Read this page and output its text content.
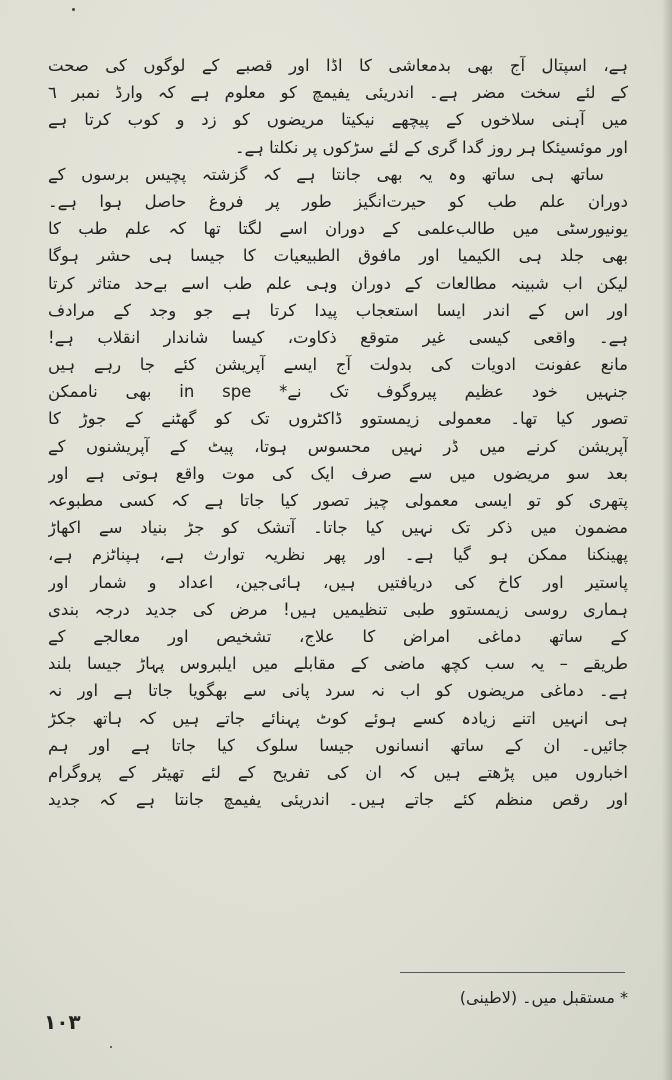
ہے، اسپتال آج بھی بدمعاشی کا اڈا اور قصبے کے لوگوں کی صحت
کے لئے سخت مضر ہے۔ اندریئی یفیمچ کو معلوم ہے کہ وارڈ نمبر ٦
میں آہنی سلاخوں کے پیچھے نیکیتا مریضوں کو زد و کوب کرتا ہے
اور موئسیئکا ہر روز گدا گری کے لئے سڑکوں پر نکلتا ہے۔
ساتھ ہی ساتھ وہ یہ بھی جانتا ہے کہ گزشتہ پچیس برسوں کے
دوران علم طب کو حیرت‌انگیز طور پر فروغ حاصل ہوا ہے۔
یونیورسٹی میں طالب‌علمی کے دوران اسے لگتا تھا کہ علم طب کا
بھی جلد ہی الکیمیا اور مافوق الطبیعیات کا جیسا ہی حشر ہوگا
لیکن اب شبینہ مطالعات کے دوران وہی علم طب اسے بےحد متاثر کرتا
اور اس کے اندر ایسا استعجاب پیدا کرتا ہے جو وجد کے مرادف
ہے۔ واقعی کیسی غیر متوقع ذکاوت، کیسا شاندار انقلاب ہے!
مانع عفونت ادویات کی بدولت آج ایسے آپریشن کئے جا رہے ہیں
جنہیں خود عظیم پیروگوف تک نے* in spe بھی ناممکن
تصور کیا تھا۔ معمولی زیمستوو ڈاکٹروں تک کو گھٹنے کے جوڑ کا
آپریشن کرنے میں ڈر نہیں محسوس ہوتا، پیٹ کے آپریشنوں کے
بعد سو مریضوں میں سے صرف ایک کی موت واقع ہوتی ہے اور
پتھری کو تو ایسی معمولی چیز تصور کیا جاتا ہے کہ کسی مطبوعہ
مضمون میں ذکر تک نہیں کیا جاتا۔ آتشک کو جڑ بنیاد سے اکھاڑ
پھینکنا ممکن ہو گیا ہے۔ اور پھر نظریہ توارث ہے، ہپناٹزم ہے،
پاستیر اور کاخ کی دریافتیں ہیں، ہائی‌جین، اعداد و شمار اور
ہماری روسی زیمستوو طبی تنظیمیں ہیں! مرض کی جدید درجہ بندی
کے ساتھ دماغی امراض کا علاج، تشخیص اور معالجے کے
طریقے – یہ سب کچھ ماضی کے مقابلے میں ایلبروس پہاڑ جیسا بلند
ہے۔ دماغی مریضوں کو اب نہ سرد پانی سے بھگویا جاتا ہے اور نہ
ہی انہیں اتنے زیادہ کسے ہوئے کوٹ پہنائے جاتے ہیں کہ ہاتھ جکڑ
جائیں۔ ان کے ساتھ انسانوں جیسا سلوک کیا جاتا ہے اور ہم
اخباروں میں پڑھتے ہیں کہ ان کی تفریح کے لئے تھیٹر کے پروگرام
اور رقص منظم کئے جاتے ہیں۔ اندریئی یفیمچ جانتا ہے کہ جدید
* مستقبل میں۔ (لاطینی)
١٠٣
